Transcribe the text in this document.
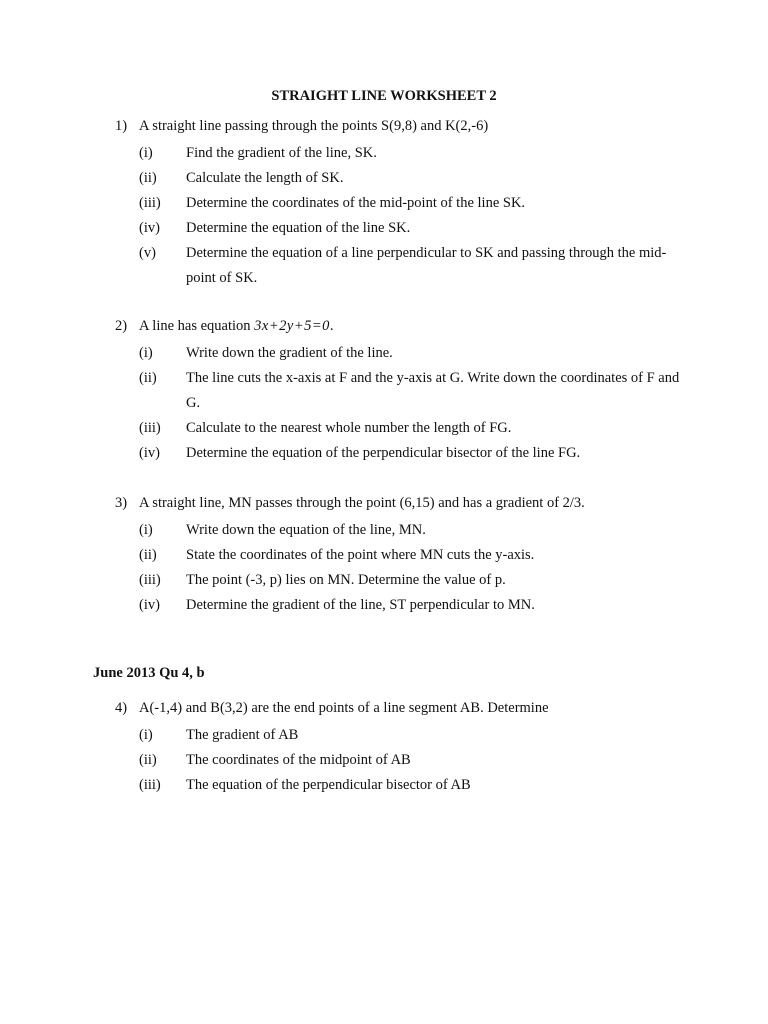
STRAIGHT LINE WORKSHEET 2
1) A straight line passing through the points S(9,8) and K(2,-6)
(i) Find the gradient of the line, SK.
(ii) Calculate the length of SK.
(iii) Determine the coordinates of the mid-point of the line SK.
(iv) Determine the equation of the line SK.
(v) Determine the equation of a line perpendicular to SK and passing through the mid-point of SK.
2) A line has equation 3x+2y+5=0.
(i) Write down the gradient of the line.
(ii) The line cuts the x-axis at F and the y-axis at G. Write down the coordinates of F and G.
(iii) Calculate to the nearest whole number the length of FG.
(iv) Determine the equation of the perpendicular bisector of the line FG.
3) A straight line, MN passes through the point (6,15) and has a gradient of 2/3.
(i) Write down the equation of the line, MN.
(ii) State the coordinates of the point where MN cuts the y-axis.
(iii) The point (-3, p) lies on MN. Determine the value of p.
(iv) Determine the gradient of the line, ST perpendicular to MN.
June 2013 Qu 4, b
4) A(-1,4) and B(3,2) are the end points of a line segment AB. Determine
(i) The gradient of AB
(ii) The coordinates of the midpoint of AB
(iii) The equation of the perpendicular bisector of AB
